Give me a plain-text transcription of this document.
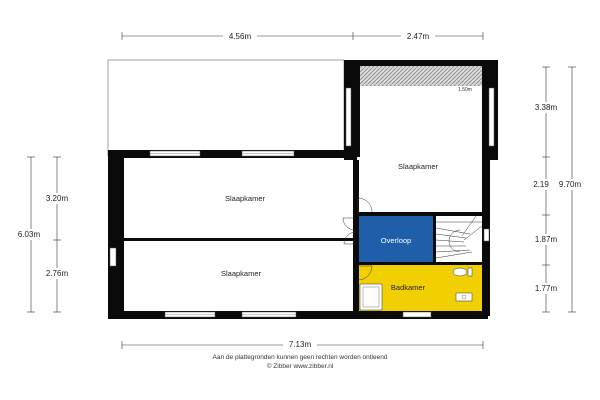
4.56m	2.47m
3.20m
6.03m
2.76m
3.38m
2.19 9.70m
1.87m
1.77m
7.13m
1.50m
Slaapkamer
Slaapkamer
Slaapkamer
Overloop
Badkamer
Aan de plattegronden kunnen geen rechten worden ontleend
© Zibber www.zibber.nl
